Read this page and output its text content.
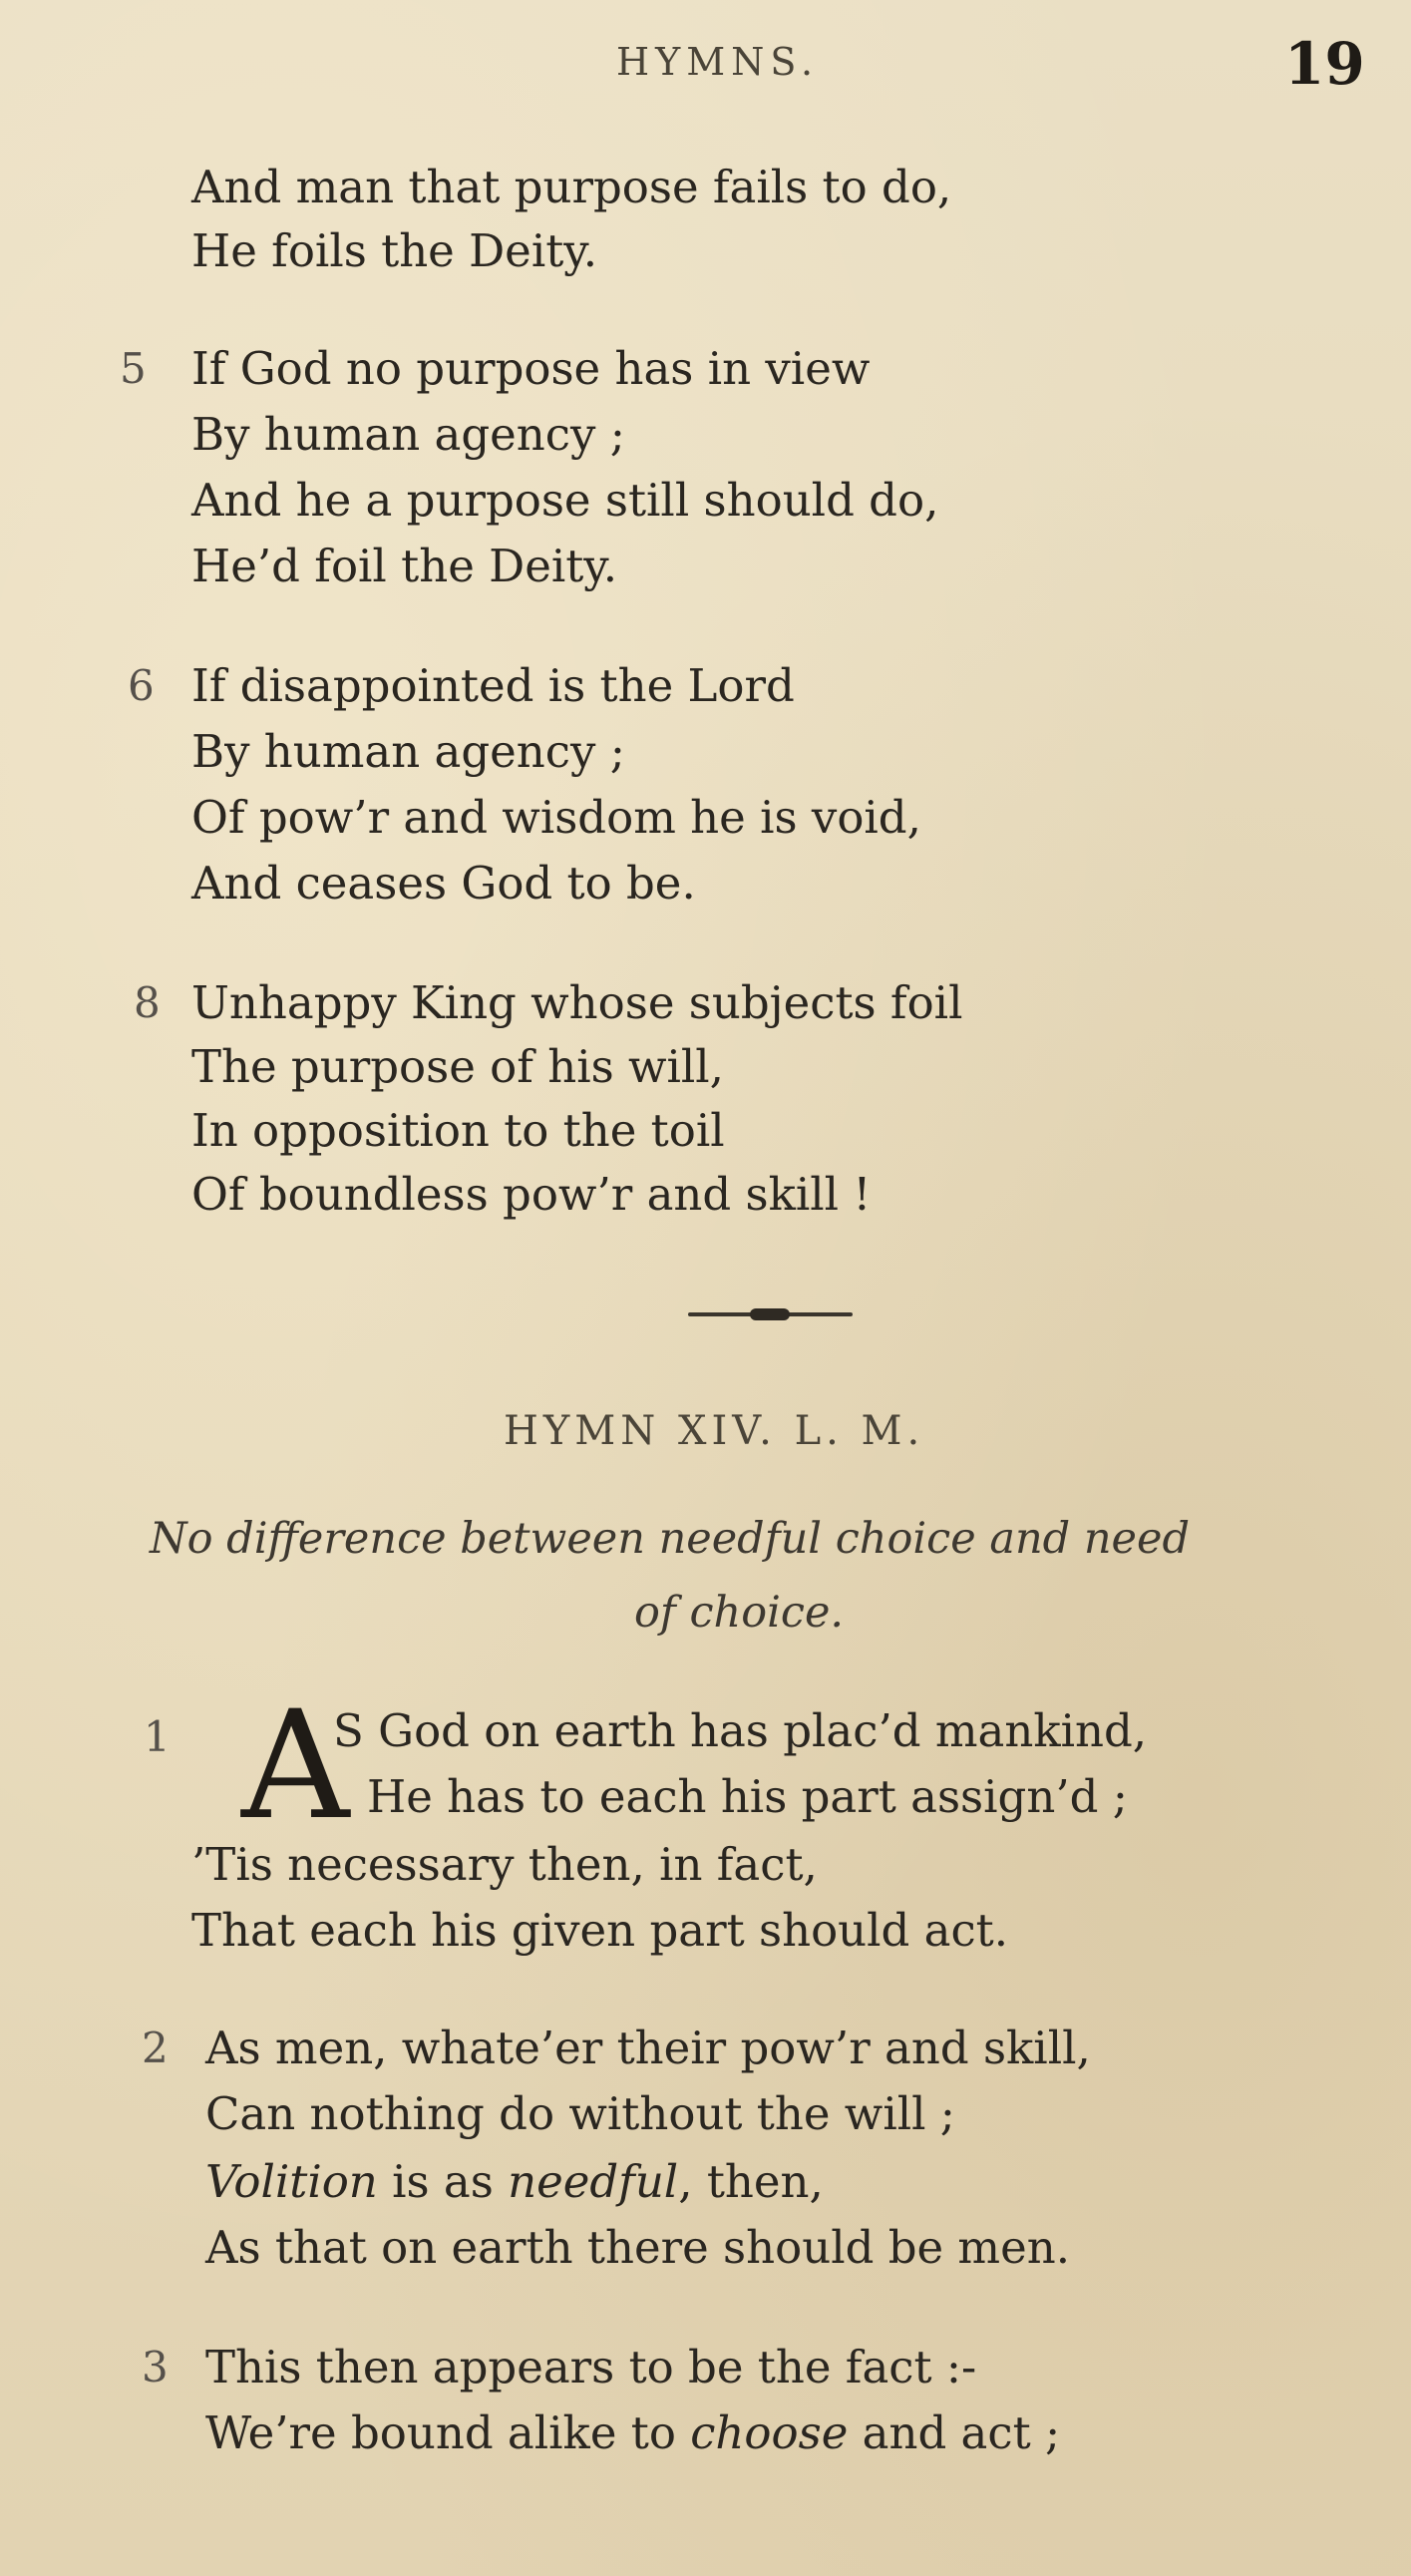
HYMNS.	19
And man that purpose fails to do,
He foils the Deity.
5 If God no purpose has in view
By human agency ;
And he a purpose still should do,
He’d foil the Deity.
6 If disappointed is the Lord
By human agency ;
Of pow’r and wisdom he is void,
And ceases God to be.
8 Unhappy King whose subjects foil
The purpose of his will,
In opposition to the toil
Of boundless pow’r and skill !
HYMN XIV. L. M.
No difference between needful choice and need
of choice.
1 A
S God on earth has plac’d mankind,
He has to each his part assign’d ;
’Tis necessary then, in fact,
That each his given part should act.
2 As men, whate’er their pow’r and skill,
Can nothing do without the will ;
Volition is as needful, then,
As that on earth there should be men.
3 This then appears to be the fact :-
We’re bound alike to choose and act ;
